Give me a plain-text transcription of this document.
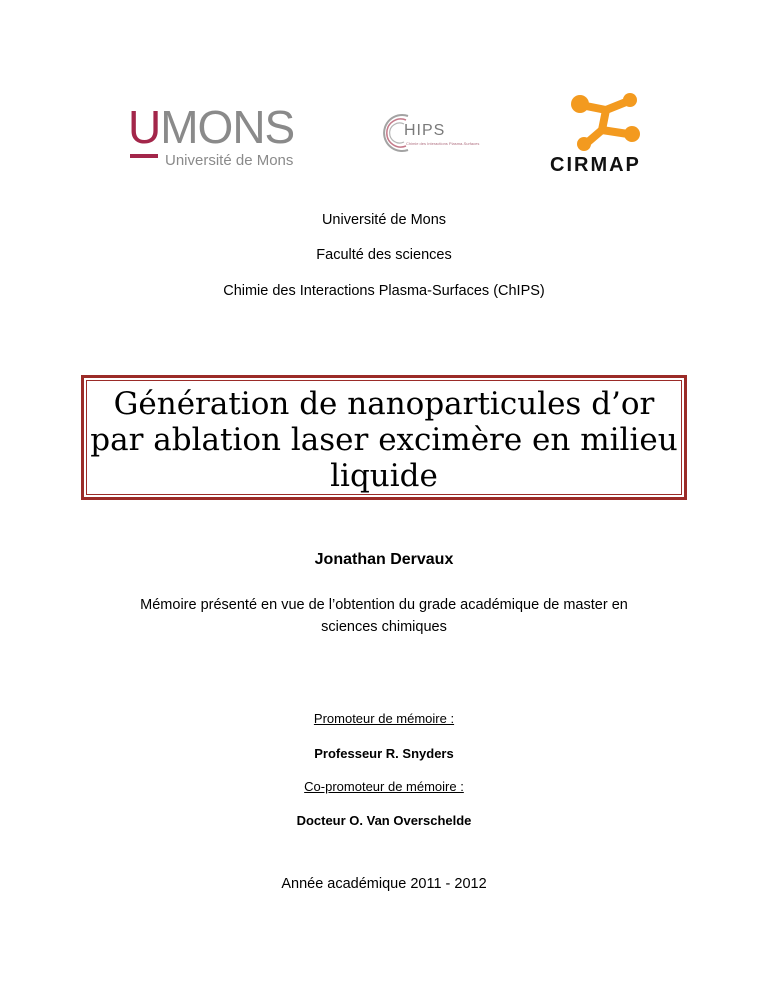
UMONS
Université de Mons
HIPS
Chimie des Interactions Plasma-Surfaces
CIRMAP
Université de Mons
Faculté des sciences
Chimie des Interactions Plasma-Surfaces (ChIPS)
Génération de nanoparticules d’or
par ablation laser excimère en milieu
liquide
Jonathan Dervaux
Mémoire présenté en vue de l’obtention du grade académique de master en
sciences chimiques
Promoteur de mémoire :
Professeur R. Snyders
Co-promoteur de mémoire :
Docteur O. Van Overschelde
Année académique 2011 - 2012
